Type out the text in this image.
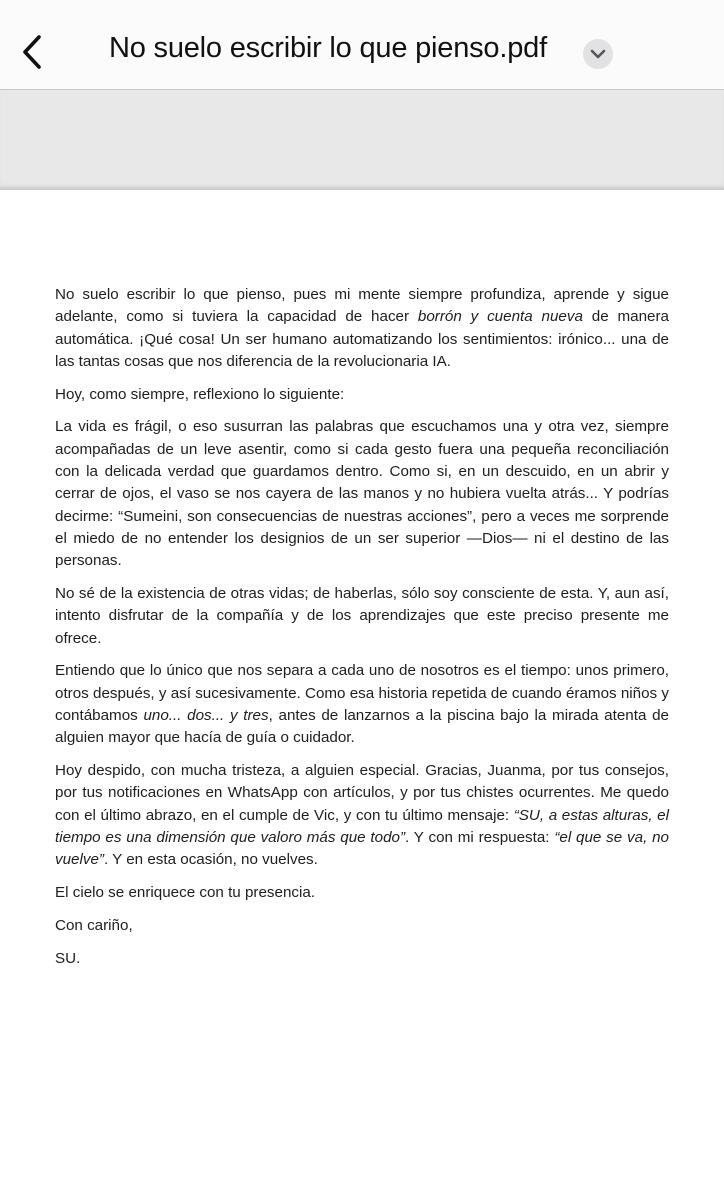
No suelo escribir lo que pienso.pdf

No suelo escribir lo que pienso, pues mi mente siempre profundiza, aprende y sigue adelante, como si tuviera la capacidad de hacer borrón y cuenta nueva de manera automática. ¡Qué cosa! Un ser humano automatizando los sentimientos: irónico... una de las tantas cosas que nos diferencia de la revolucionaria IA.

Hoy, como siempre, reflexiono lo siguiente:

La vida es frágil, o eso susurran las palabras que escuchamos una y otra vez, siempre acompañadas de un leve asentir, como si cada gesto fuera una pequeña reconciliación con la delicada verdad que guardamos dentro. Como si, en un descuido, en un abrir y cerrar de ojos, el vaso se nos cayera de las manos y no hubiera vuelta atrás... Y podrías decirme: “Sumeini, son consecuencias de nuestras acciones”, pero a veces me sorprende el miedo de no entender los designios de un ser superior —Dios— ni el destino de las personas.

No sé de la existencia de otras vidas; de haberlas, sólo soy consciente de esta. Y, aun así, intento disfrutar de la compañía y de los aprendizajes que este preciso presente me ofrece.

Entiendo que lo único que nos separa a cada uno de nosotros es el tiempo: unos primero, otros después, y así sucesivamente. Como esa historia repetida de cuando éramos niños y contábamos uno... dos... y tres, antes de lanzarnos a la piscina bajo la mirada atenta de alguien mayor que hacía de guía o cuidador.

Hoy despido, con mucha tristeza, a alguien especial. Gracias, Juanma, por tus consejos, por tus notificaciones en WhatsApp con artículos, y por tus chistes ocurrentes. Me quedo con el último abrazo, en el cumple de Vic, y con tu último mensaje: “SU, a estas alturas, el tiempo es una dimensión que valoro más que todo”. Y con mi respuesta: “el que se va, no vuelve”. Y en esta ocasión, no vuelves.

El cielo se enriquece con tu presencia.

Con cariño,

SU.
